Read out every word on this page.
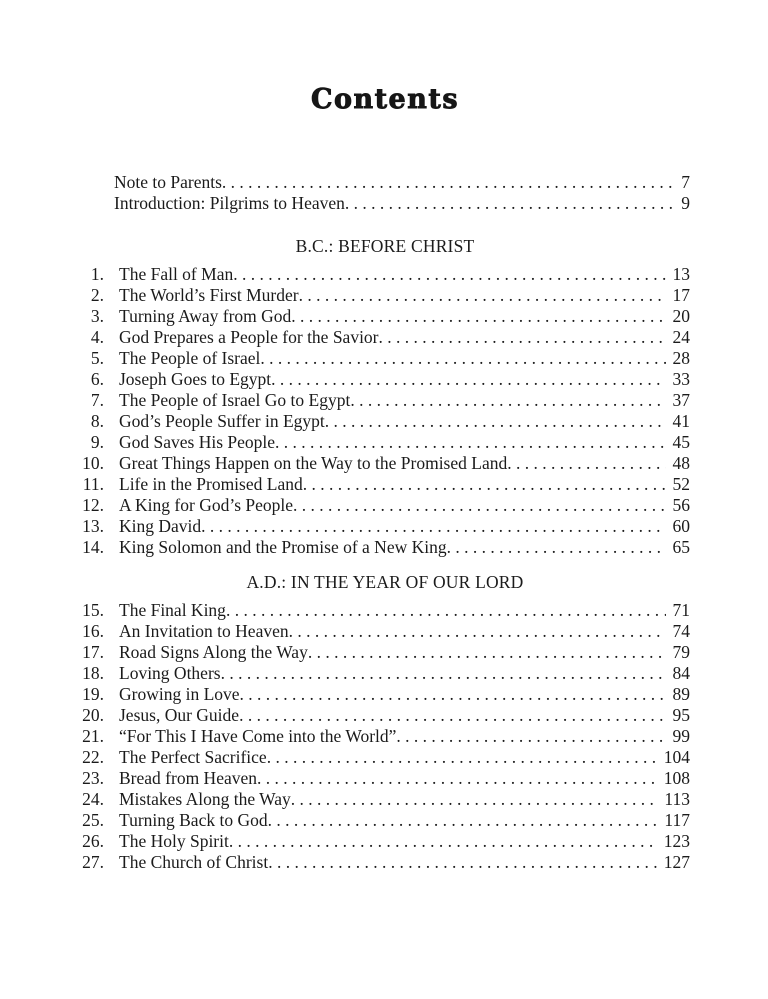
Contents
Note to Parents . . .	7
Introduction: Pilgrims to Heaven . . .	9
B.C.: BEFORE CHRIST
1. The Fall of Man . . .	13
2. The World’s First Murder . . .	17
3. Turning Away from God . . .	20
4. God Prepares a People for the Savior . . .	24
5. The People of Israel . . .	28
6. Joseph Goes to Egypt . . .	33
7. The People of Israel Go to Egypt . . .	37
8. God’s People Suffer in Egypt . . .	41
9. God Saves His People . . .	45
10. Great Things Happen on the Way to the Promised Land . . .	48
11. Life in the Promised Land . . .	52
12. A King for God’s People . . .	56
13. King David . . .	60
14. King Solomon and the Promise of a New King . . .	65
A.D.: IN THE YEAR OF OUR LORD
15. The Final King . . .	71
16. An Invitation to Heaven . . .	74
17. Road Signs Along the Way . . .	79
18. Loving Others . . .	84
19. Growing in Love . . .	89
20. Jesus, Our Guide . . .	95
21. “For This I Have Come into the World” . . .	99
22. The Perfect Sacrifice . . .	104
23. Bread from Heaven . . .	108
24. Mistakes Along the Way . . .	113
25. Turning Back to God . . .	117
26. The Holy Spirit . . .	123
27. The Church of Christ . . .	127
